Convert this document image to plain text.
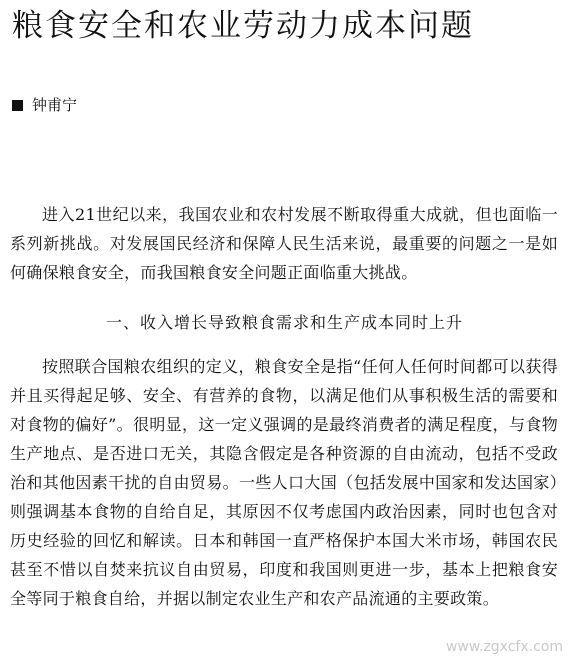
粮食安全和农业劳动力成本问题
钟甫宁

进入21世纪以来，我国农业和农村发展不断取得重大成就，但也面临一系列新挑战。对发展国民经济和保障人民生活来说，最重要的问题之一是如何确保粮食安全，而我国粮食安全问题正面临重大挑战。

一、收入增长导致粮食需求和生产成本同时上升

按照联合国粮农组织的定义，粮食安全是指“任何人任何时间都可以获得并且买得起足够、安全、有营养的食物，以满足他们从事积极生活的需要和对食物的偏好”。很明显，这一定义强调的是最终消费者的满足程度，与食物生产地点、是否进口无关，其隐含假定是各种资源的自由流动，包括不受政治和其他因素干扰的自由贸易。一些人口大国（包括发展中国家和发达国家）则强调基本食物的自给自足，其原因不仅考虑国内政治因素，同时也包含对历史经验的回忆和解读。日本和韩国一直严格保护本国大米市场，韩国农民甚至不惜以自焚来抗议自由贸易，印度和我国则更进一步，基本上把粮食安全等同于粮食自给，并据以制定农业生产和农产品流通的主要政策。

www.zgxcfx.com
